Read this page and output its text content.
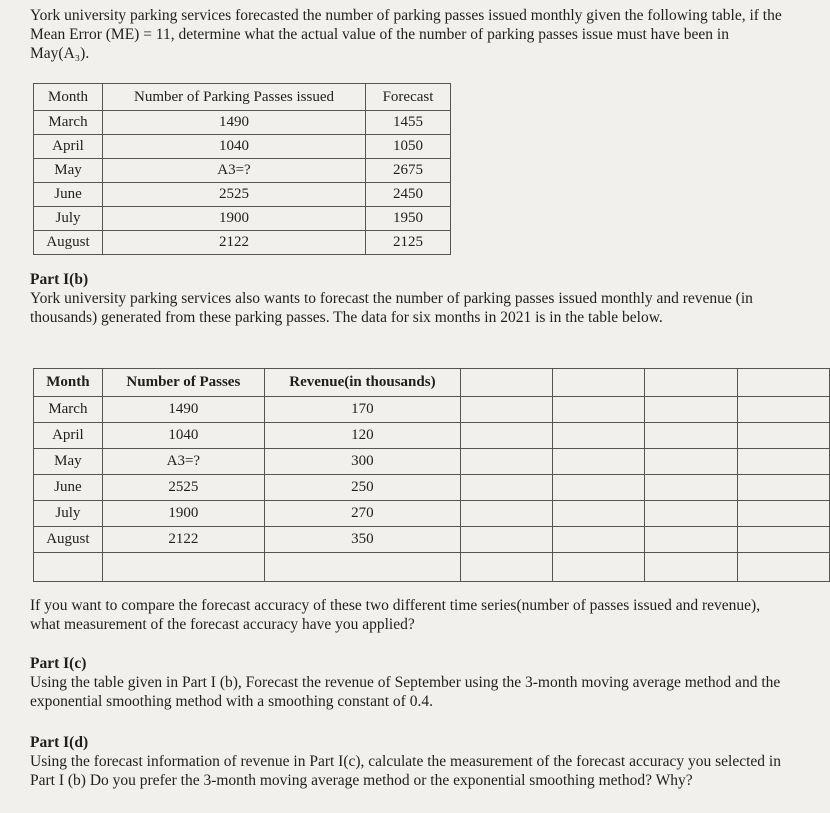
York university parking services forecasted the number of parking passes issued monthly given the following table, if the Mean Error (ME) = 11, determine what the actual value of the number of parking passes issue must have been in May(A₃).
Month	Number of Parking Passes issued	Forecast
March	1490	1455
April	1040	1050
May	A3=?	2675
June	2525	2450
July	1900	1950
August	2122	2125
Part I(b)
York university parking services also wants to forecast the number of parking passes issued monthly and revenue (in thousands) generated from these parking passes. The data for six months in 2021 is in the table below.
Month	Number of Passes	Revenue(in thousands)				
March	1490	170				
April	1040	120				
May	A3=?	300				
June	2525	250				
July	1900	270				
August	2122	350				

If you want to compare the forecast accuracy of these two different time series(number of passes issued and revenue), what measurement of the forecast accuracy have you applied?
Part I(c)
Using the table given in Part I (b), Forecast the revenue of September using the 3-month moving average method and the exponential smoothing method with a smoothing constant of 0.4.
Part I(d)
Using the forecast information of revenue in Part I(c), calculate the measurement of the forecast accuracy you selected in Part I (b) Do you prefer the 3-month moving average method or the exponential smoothing method? Why?
